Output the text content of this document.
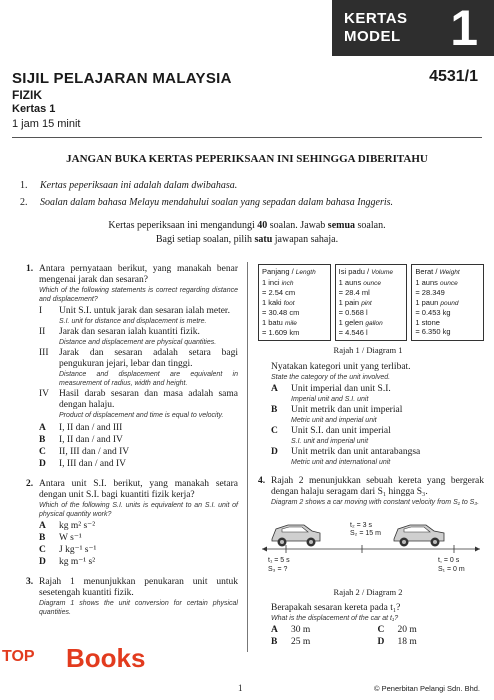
KERTAS
MODEL 1
SIJIL PELAJARAN MALAYSIA	4531/1
FIZIK
Kertas 1
1 jam 15 minit
JANGAN BUKA KERTAS PEPERIKSAAN INI SEHINGGA DIBERITAHU
1. Kertas peperiksaan ini adalah dalam dwibahasa.
2. Soalan dalam bahasa Melayu mendahului soalan yang sepadan dalam bahasa Inggeris.
Kertas peperiksaan ini mengandungi 40 soalan. Jawab semua soalan.
Bagi setiap soalan, pilih satu jawapan sahaja.
1. Antara pernyataan berikut, yang manakah benar mengenai jarak dan sesaran?
Which of the following statements is correct regarding distance and displacement?
I	Unit S.I. untuk jarak dan sesaran ialah meter.
S.I. unit for distance and displacement is metre.
II	Jarak dan sesaran ialah kuantiti fizik.
Distance and displacement are physical quantities.
III	Jarak dan sesaran adalah setara bagi pengukuran jejari, lebar dan tinggi.
Distance and displacement are equivalent in measurement of radius, width and height.
IV	Hasil darab sesaran dan masa adalah sama dengan halaju.
Product of displacement and time is equal to velocity.
A	I, II dan / and III
B	I, II dan / and IV
C	II, III dan / and IV
D	I, III dan / and IV
2. Antara unit S.I. berikut, yang manakah setara dengan unit S.I. bagi kuantiti fizik kerja?
Which of the following S.I. units is equivalent to an S.I. unit of physical quantity work?
A	kg m² s⁻²
B	W s⁻¹
C	J kg⁻¹ s⁻¹
D	kg m⁻¹ s²
3. Rajah 1 menunjukkan penukaran unit untuk sesetengah kuantiti fizik.
Diagram 1 shows the unit conversion for certain physical quantities.
Panjang / Length
1 inci inch
= 2.54 cm
1 kaki foot
= 30.48 cm
1 batu mile
= 1.609 km
Isi padu / Volume
1 auns ounce
= 28.4 ml
1 pain pint
= 0.568 l
1 gelen gallon
= 4.546 l
Berat / Weight
1 auns ounce
= 28.349
1 paun pound
= 0.453 kg
1 stone
= 6.350 kg
Rajah 1 / Diagram 1
Nyatakan kategori unit yang terlibat.
State the category of the unit involved.
A	Unit imperial dan unit S.I.
Imperial unit and S.I. unit
B	Unit metrik dan unit imperial
Metric unit and imperial unit
C	Unit S.I. dan unit imperial
S.I. unit and imperial unit
D	Unit metrik dan unit antarabangsa
Metric unit and international unit
4. Rajah 2 menunjukkan sebuah kereta yang bergerak dengan halaju seragam dari S₁ hingga S₃.
Diagram 2 shows a car moving with constant velocity from S₁ to S₃.
t₂ = 3 s
S₂ = 15 m
t₁ = 5 s
S₃ = ?
t, = 0 s
S₁ = 0 m
Rajah 2 / Diagram 2
Berapakah sesaran kereta pada t₁?
What is the displacement of the car at t₁?
A	30 m	C	20 m
B	25 m	D	18 m
TOP Books
1	© Penerbitan Pelangi Sdn. Bhd.
